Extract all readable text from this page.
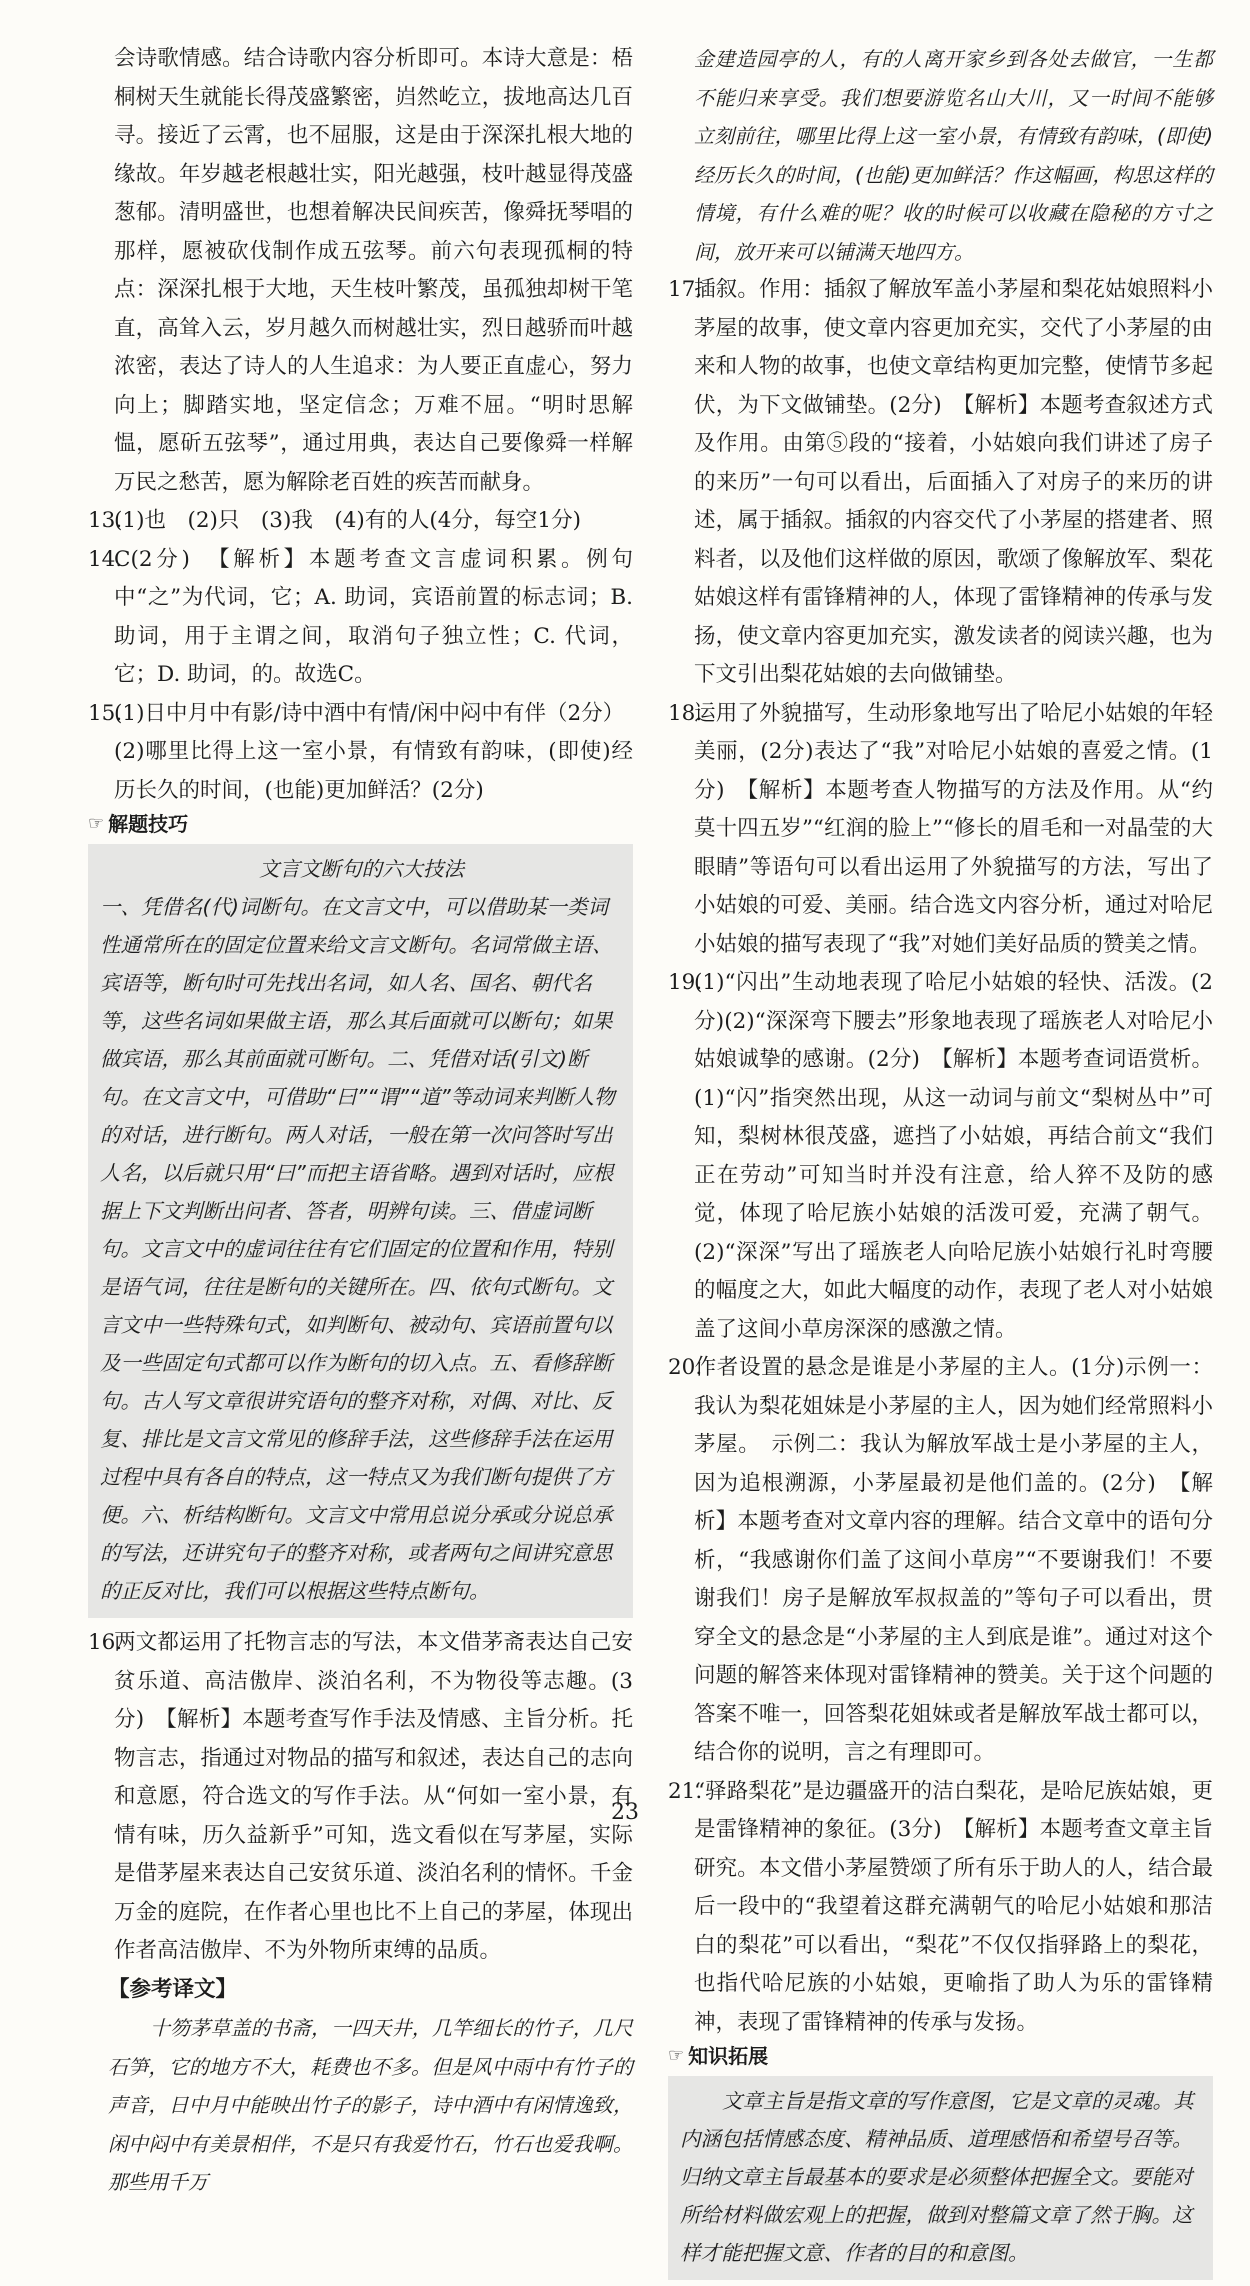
会诗歌情感。结合诗歌内容分析即可。本诗大意是：梧桐树天生就能长得茂盛繁密，岿然屹立，拔地高达几百寻。接近了云霄，也不屈服，这是由于深深扎根大地的缘故。年岁越老根越壮实，阳光越强，枝叶越显得茂盛葱郁。清明盛世，也想着解决民间疾苦，像舜抚琴唱的那样，愿被砍伐制作成五弦琴。前六句表现孤桐的特点：深深扎根于大地，天生枝叶繁茂，虽孤独却树干笔直，高耸入云，岁月越久而树越壮实，烈日越骄而叶越浓密，表达了诗人的人生追求：为人要正直虚心，努力向上；脚踏实地，坚定信念；万难不屈。“明时思解愠，愿斫五弦琴”，通过用典，表达自己要像舜一样解万民之愁苦，愿为解除老百姓的疾苦而献身。

13.(1)也　(2)只　(3)我　(4)有的人(4分，每空1分)

14.C(2分)　【解析】本题考查文言虚词积累。例句中“之”为代词，它；A. 助词，宾语前置的标志词；B. 助词，用于主谓之间，取消句子独立性；C. 代词，它；D. 助词，的。故选C。

15.(1)日中月中有影/诗中酒中有情/闲中闷中有伴（2分）

(2)哪里比得上这一室小景，有情致有韵味，(即使)经历长久的时间，(也能)更加鲜活？(2分)

☞ 解题技巧
文言文断句的六大技法
一、凭借名(代)词断句。在文言文中，可以借助某一类词性通常所在的固定位置来给文言文断句。名词常做主语、宾语等，断句时可先找出名词，如人名、国名、朝代名等，这些名词如果做主语，那么其后面就可以断句；如果做宾语，那么其前面就可断句。二、凭借对话(引文)断句。在文言文中，可借助“曰”“谓”“道”等动词来判断人物的对话，进行断句。两人对话，一般在第一次问答时写出人名，以后就只用“曰”而把主语省略。遇到对话时，应根据上下文判断出问者、答者，明辨句读。三、借虚词断句。文言文中的虚词往往有它们固定的位置和作用，特别是语气词，往往是断句的关键所在。四、依句式断句。文言文中一些特殊句式，如判断句、被动句、宾语前置句以及一些固定句式都可以作为断句的切入点。五、看修辞断句。古人写文章很讲究语句的整齐对称，对偶、对比、反复、排比是文言文常见的修辞手法，这些修辞手法在运用过程中具有各自的特点，这一特点又为我们断句提供了方便。六、析结构断句。文言文中常用总说分承或分说总承的写法，还讲究句子的整齐对称，或者两句之间讲究意思的正反对比，我们可以根据这些特点断句。

16.两文都运用了托物言志的写法，本文借茅斋表达自己安贫乐道、高洁傲岸、淡泊名利，不为物役等志趣。(3分)　【解析】本题考查写作手法及情感、主旨分析。托物言志，指通过对物品的描写和叙述，表达自己的志向和意愿，符合选文的写作手法。从“何如一室小景，有情有味，历久益新乎”可知，选文看似在写茅屋，实际是借茅屋来表达自己安贫乐道、淡泊名利的情怀。千金万金的庭院，在作者心里也比不上自己的茅屋，体现出作者高洁傲岸、不为外物所束缚的品质。

【参考译文】

十笏茅草盖的书斋，一四天井，几竿细长的竹子，几尺石笋，它的地方不大，耗费也不多。但是风中雨中有竹子的声音，日中月中能映出竹子的影子，诗中酒中有闲情逸致，闲中闷中有美景相伴，不是只有我爱竹石，竹石也爱我啊。那些用千万

金建造园亭的人，有的人离开家乡到各处去做官，一生都不能归来享受。我们想要游览名山大川，又一时间不能够立刻前往，哪里比得上这一室小景，有情致有韵味，(即使)经历长久的时间，(也能)更加鲜活？作这幅画，构思这样的情境，有什么难的呢？收的时候可以收藏在隐秘的方寸之间，放开来可以铺满天地四方。

17.插叙。作用：插叙了解放军盖小茅屋和梨花姑娘照料小茅屋的故事，使文章内容更加充实，交代了小茅屋的由来和人物的故事，也使文章结构更加完整，使情节多起伏，为下文做铺垫。(2分)　【解析】本题考查叙述方式及作用。由第⑤段的“接着，小姑娘向我们讲述了房子的来历”一句可以看出，后面插入了对房子的来历的讲述，属于插叙。插叙的内容交代了小茅屋的搭建者、照料者，以及他们这样做的原因，歌颂了像解放军、梨花姑娘这样有雷锋精神的人，体现了雷锋精神的传承与发扬，使文章内容更加充实，激发读者的阅读兴趣，也为下文引出梨花姑娘的去向做铺垫。

18.运用了外貌描写，生动形象地写出了哈尼小姑娘的年轻美丽，(2分)表达了“我”对哈尼小姑娘的喜爱之情。(1分)　【解析】本题考查人物描写的方法及作用。从“约莫十四五岁”“红润的脸上”“修长的眉毛和一对晶莹的大眼睛”等语句可以看出运用了外貌描写的方法，写出了小姑娘的可爱、美丽。结合选文内容分析，通过对哈尼小姑娘的描写表现了“我”对她们美好品质的赞美之情。

19.(1)“闪出”生动地表现了哈尼小姑娘的轻快、活泼。(2分)(2)“深深弯下腰去”形象地表现了瑶族老人对哈尼小姑娘诚挚的感谢。(2分)　【解析】本题考查词语赏析。(1)“闪”指突然出现，从这一动词与前文“梨树丛中”可知，梨树林很茂盛，遮挡了小姑娘，再结合前文“我们正在劳动”可知当时并没有注意，给人猝不及防的感觉，体现了哈尼族小姑娘的活泼可爱，充满了朝气。(2)“深深”写出了瑶族老人向哈尼族小姑娘行礼时弯腰的幅度之大，如此大幅度的动作，表现了老人对小姑娘盖了这间小草房深深的感激之情。

20.作者设置的悬念是谁是小茅屋的主人。(1分)示例一：我认为梨花姐妹是小茅屋的主人，因为她们经常照料小茅屋。　示例二：我认为解放军战士是小茅屋的主人，因为追根溯源，小茅屋最初是他们盖的。(2分)　【解析】本题考查对文章内容的理解。结合文章中的语句分析，“我感谢你们盖了这间小草房”“不要谢我们！不要谢我们！房子是解放军叔叔盖的”等句子可以看出，贯穿全文的悬念是“小茅屋的主人到底是谁”。通过对这个问题的解答来体现对雷锋精神的赞美。关于这个问题的答案不唯一，回答梨花姐妹或者是解放军战士都可以，结合你的说明，言之有理即可。

21.“驿路梨花”是边疆盛开的洁白梨花，是哈尼族姑娘，更是雷锋精神的象征。(3分)　【解析】本题考查文章主旨研究。本文借小茅屋赞颂了所有乐于助人的人，结合最后一段中的“我望着这群充满朝气的哈尼小姑娘和那洁白的梨花”可以看出，“梨花”不仅仅指驿路上的梨花，也指代哈尼族的小姑娘，更喻指了助人为乐的雷锋精神，表现了雷锋精神的传承与发扬。

☞ 知识拓展
文章主旨是指文章的写作意图，它是文章的灵魂。其内涵包括情感态度、精神品质、道理感悟和希望号召等。归纳文章主旨最基本的要求是必须整体把握全文。要能对所给材料做宏观上的把握，做到对整篇文章了然于胸。这样才能把握文意、作者的目的和意图。
23
